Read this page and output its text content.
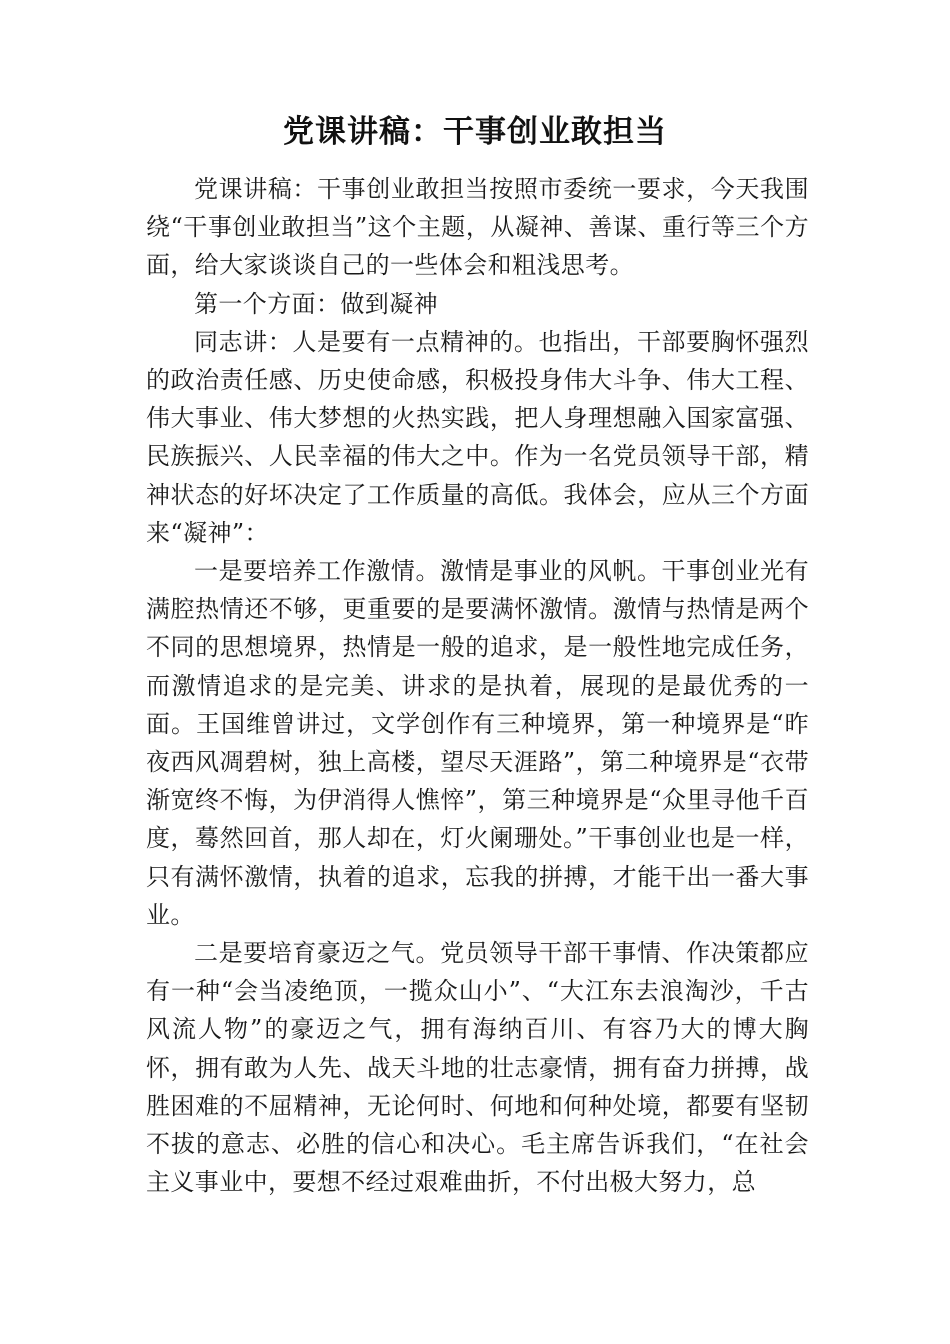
党课讲稿：干事创业敢担当

党课讲稿：干事创业敢担当按照市委统一要求，今天我围绕“干事创业敢担当”这个主题，从凝神、善谋、重行等三个方面，给大家谈谈自己的一些体会和粗浅思考。

第一个方面：做到凝神

同志讲：人是要有一点精神的。也指出，干部要胸怀强烈的政治责任感、历史使命感，积极投身伟大斗争、伟大工程、伟大事业、伟大梦想的火热实践，把人身理想融入国家富强、民族振兴、人民幸福的伟大之中。作为一名党员领导干部，精神状态的好坏决定了工作质量的高低。我体会，应从三个方面来“凝神”：

一是要培养工作激情。激情是事业的风帆。干事创业光有满腔热情还不够，更重要的是要满怀激情。激情与热情是两个不同的思想境界，热情是一般的追求，是一般性地完成任务，而激情追求的是完美、讲求的是执着，展现的是最优秀的一面。王国维曾讲过，文学创作有三种境界，第一种境界是“昨夜西风凋碧树，独上高楼，望尽天涯路”，第二种境界是“衣带渐宽终不悔，为伊消得人憔悴”，第三种境界是“众里寻他千百度，蓦然回首，那人却在，灯火阑珊处。”干事创业也是一样，只有满怀激情，执着的追求，忘我的拼搏，才能干出一番大事业。

二是要培育豪迈之气。党员领导干部干事情、作决策都应有一种“会当凌绝顶，一揽众山小”、“大江东去浪淘沙，千古风流人物”的豪迈之气，拥有海纳百川、有容乃大的博大胸怀，拥有敢为人先、战天斗地的壮志豪情，拥有奋力拼搏，战胜困难的不屈精神，无论何时、何地和何种处境，都要有坚韧不拔的意志、必胜的信心和决心。毛主席告诉我们，“在社会主义事业中，要想不经过艰难曲折，不付出极大努力，总
